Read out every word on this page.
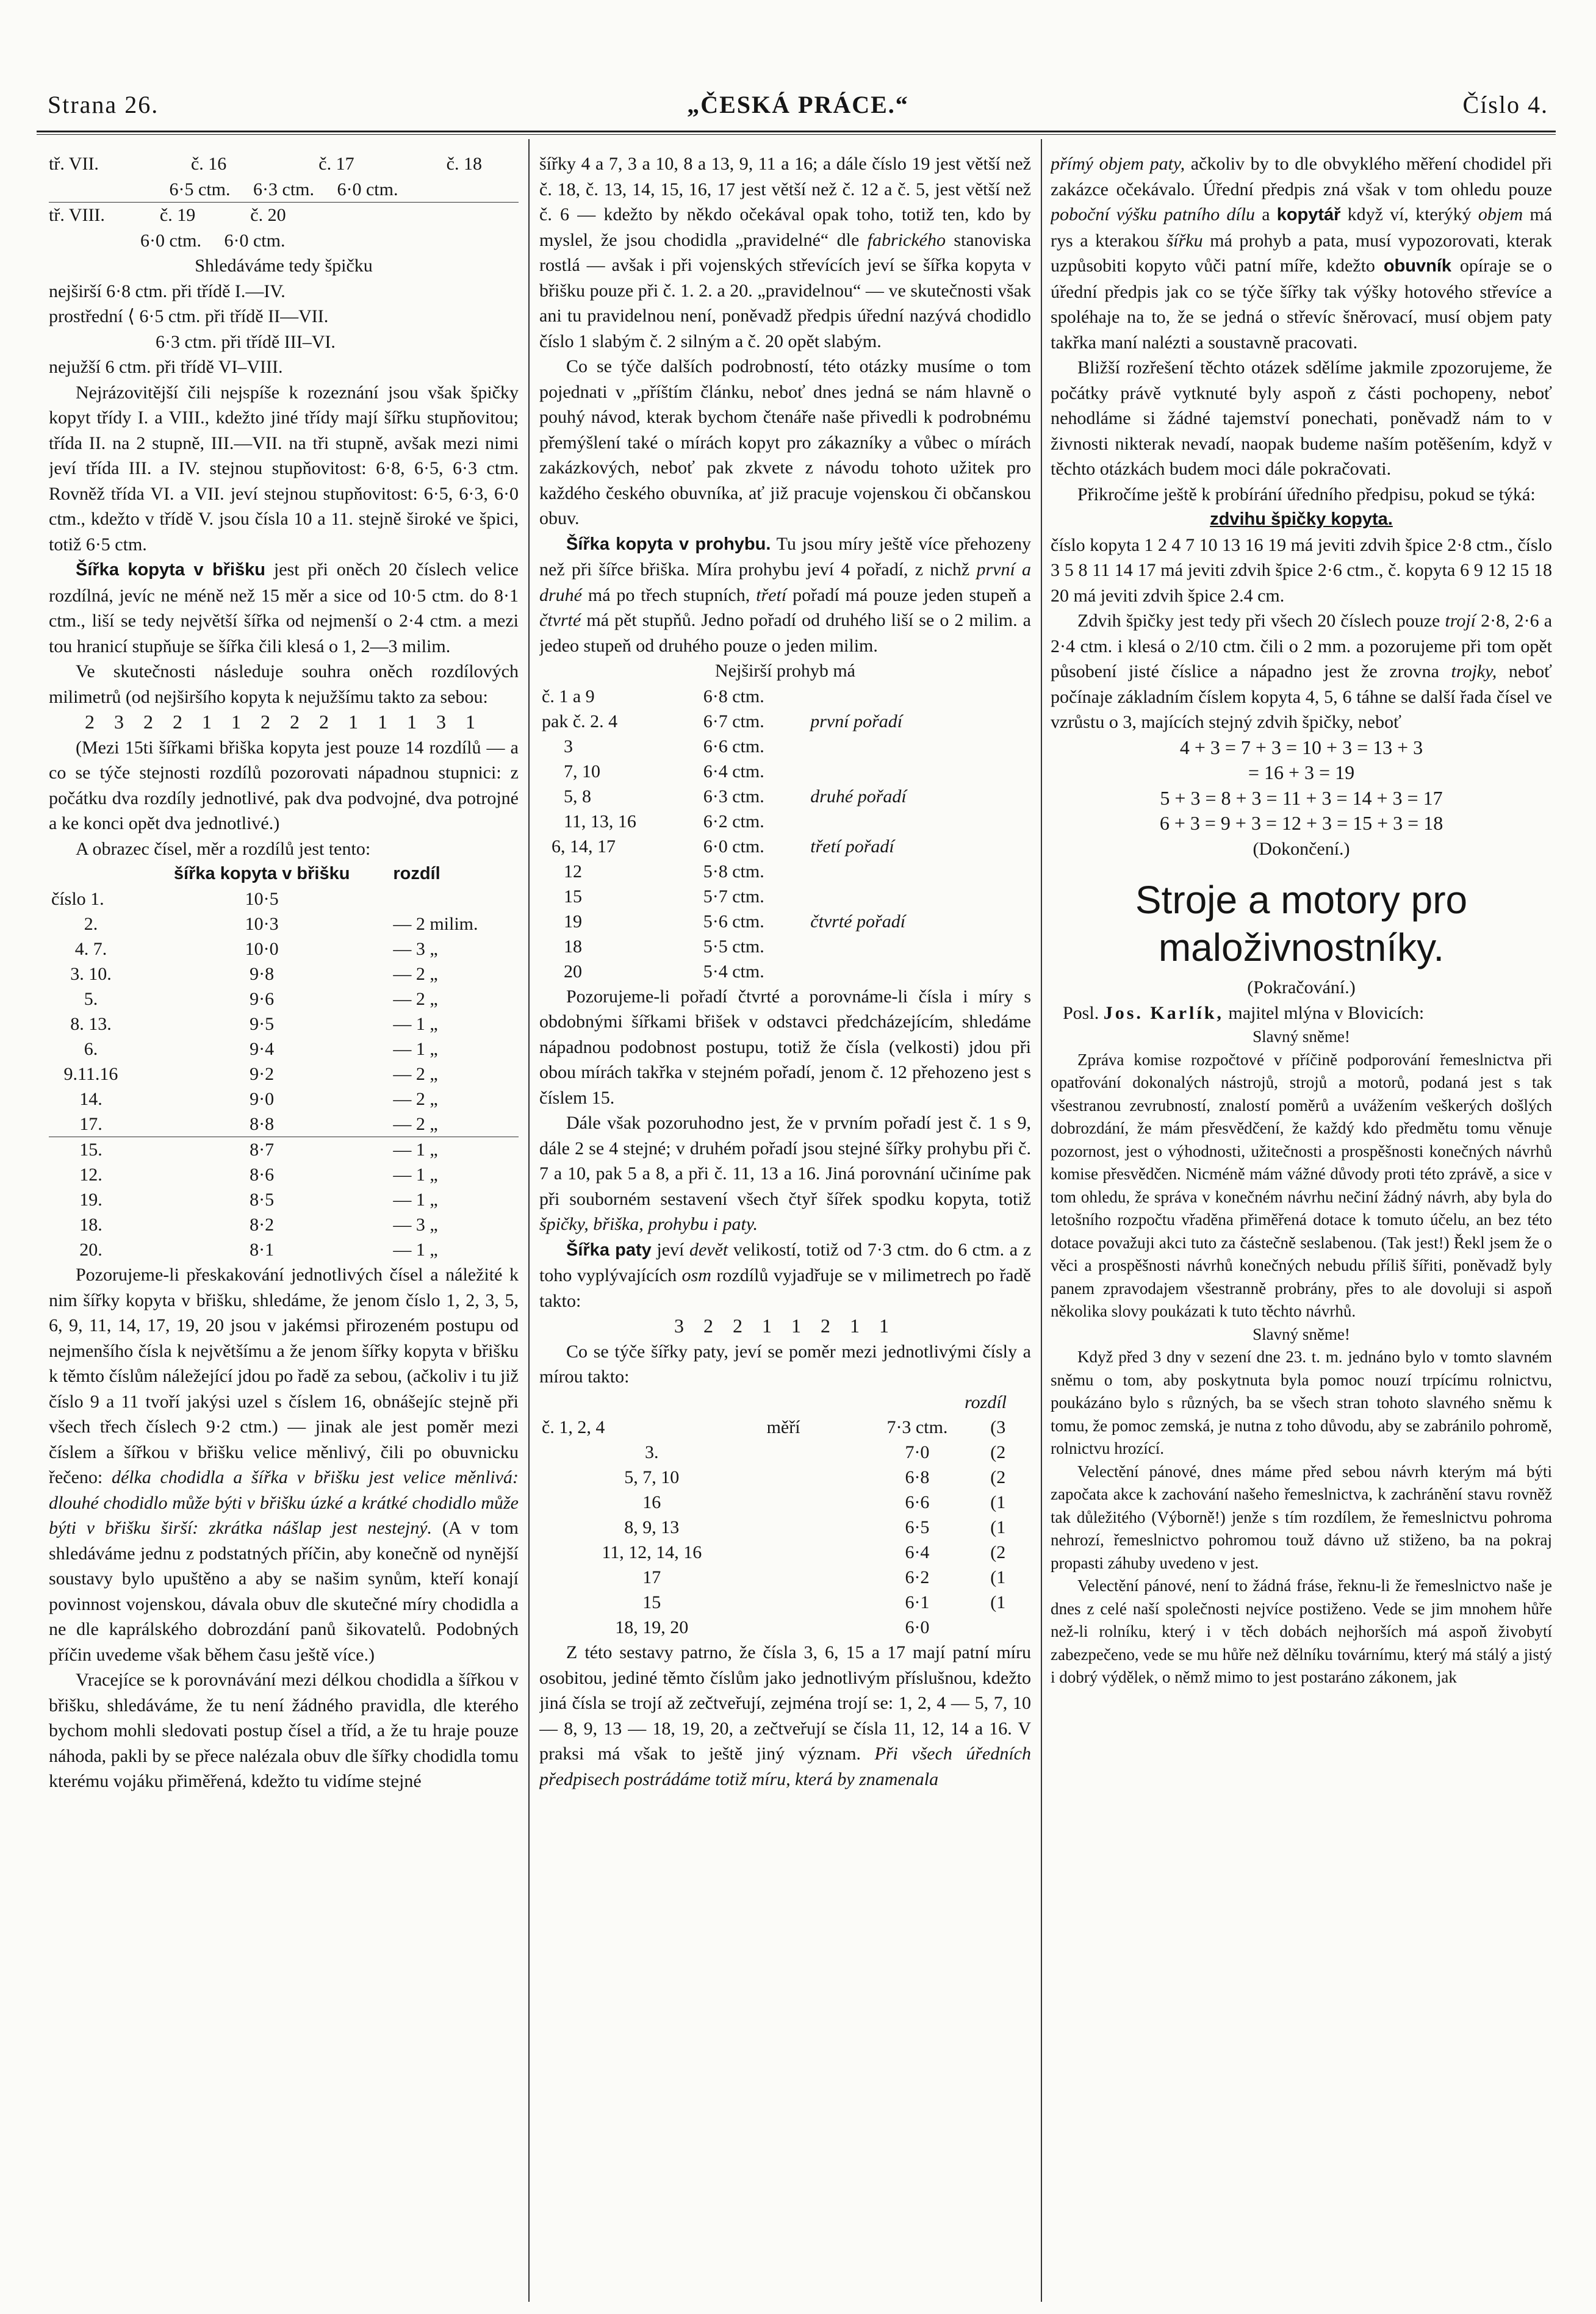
Strana 26.	„ČESKÁ PRÁCE.“	Číslo 4.
tř. VII.	č. 16	č. 17	č. 18
6·5 ctm.     6·3 ctm.     6·0 ctm.
tř. VIII.	č. 19	č. 20
6·0 ctm.     6·0 ctm.

Shledáváme tedy špičku

nejširší 6·8 ctm. při třídě I.—IV.

prostřední ⟨ 6·5 ctm. při třídě II—VII.

6·3 ctm. při třídě III–VI.

nejužší 6 ctm. při třídě VI–VIII.

Nejrázovitější čili nejspíše k rozeznání jsou však špičky kopyt třídy I. a VIII., kdežto jiné třídy mají šířku stupňovitou; třída II. na 2 stupně, III.—VII. na tři stupně, avšak mezi nimi jeví třída III. a IV. stejnou stupňovitost: 6·8, 6·5, 6·3 ctm. Rovněž třída VI. a VII. jeví stejnou stupňovitost: 6·5, 6·3, 6·0 ctm., kdežto v třídě V. jsou čísla 10 a 11. stejně široké ve špici, totiž 6·5 ctm.

Šířka kopyta v břišku jest při oněch 20 číslech velice rozdílná, jevíc ne méně než 15 měr a sice od 10·5 ctm. do 8·1 ctm., liší se tedy největší šířka od nejmenší o 2·4 ctm. a mezi tou hranicí stupňuje se šířka čili klesá o 1, 2—3 milim.

Ve skutečnosti následuje souhra oněch rozdílových milimetrů (od nejširšího kopyta k nejužšímu takto za sebou:

2 3 2 2 1 1 2 2 2 1 1 1 3 1

(Mezi 15ti šířkami břiška kopyta jest pouze 14 rozdílů — a co se týče stejnosti rozdílů pozorovati nápadnou stupnici: z počátku dva rozdíly jednotlivé, pak dva podvojné, dva potrojné a ke konci opět dva jednotlivé.)

A obrazec čísel, měr a rozdílů jest tento:

	šířka kopyta v břišku	rozdíl
číslo 1.	10·5	
2.	10·3	— 2 milim.
4. 7.	10·0	— 3 „
3. 10.	9·8	— 2 „
5.	9·6	— 2 „
8. 13.	9·5	— 1 „
6.	9·4	— 1 „
9.11.16	9·2	— 2 „
14.	9·0	— 2 „
17.	8·8	— 2 „
15.	8·7	— 1 „
12.	8·6	— 1 „
19.	8·5	— 1 „
18.	8·2	— 3 „
20.	8·1	— 1 „

Pozorujeme-li přeskakování jednotlivých čísel a náležité k nim šířky kopyta v břišku, shledáme, že jenom číslo 1, 2, 3, 5, 6, 9, 11, 14, 17, 19, 20 jsou v jakémsi přirozeném postupu od nejmenšího čísla k největšímu a že jenom šířky kopyta v břišku k těmto číslům náležející jdou po řadě za sebou, (ačkoliv i tu již číslo 9 a 11 tvoří jakýsi uzel s číslem 16, obnášejíc stejně při všech třech číslech 9·2 ctm.) — jinak ale jest poměr mezi číslem a šířkou v břišku velice měnlivý, čili po obuvnicku řečeno: délka chodidla a šířka v břišku jest velice měnlivá: dlouhé chodidlo může býti v břišku úzké a krátké chodidlo může býti v břišku širší: zkrátka nášlap jest nestejný. (A v tom shledáváme jednu z podstatných příčin, aby konečně od nynější soustavy bylo upuštěno a aby se našim synům, kteří konají povinnost vojenskou, dávala obuv dle skutečné míry chodidla a ne dle kaprálského dobrozdání panů šikovatelů. Podobných příčin uvedeme však během času ještě více.)

Vracejíce se k porovnávání mezi délkou chodidla a šířkou v břišku, shledáváme, že tu není žádného pravidla, dle kterého bychom mohli sledovati postup čísel a tříd, a že tu hraje pouze náhoda, pakli by se přece nalézala obuv dle šířky chodidla tomu kterému vojáku přiměřená, kdežto tu vidíme stejné

šířky 4 a 7, 3 a 10, 8 a 13, 9, 11 a 16; a dále číslo 19 jest větší než č. 18, č. 13, 14, 15, 16, 17 jest větší než č. 12 a č. 5, jest větší než č. 6 — kdežto by někdo očekával opak toho, totiž ten, kdo by myslel, že jsou chodidla „pravidelné“ dle fabrického stanoviska rostlá — avšak i při vojenských střevících jeví se šířka kopyta v břišku pouze při č. 1. 2. a 20. „pravidelnou“ — ve skutečnosti však ani tu pravidelnou není, poněvadž předpis úřední nazývá chodidlo číslo 1 slabým č. 2 silným a č. 20 opět slabým.

Co se týče dalších podrobností, této otázky musíme o tom pojednati v „příštím článku, neboť dnes jedná se nám hlavně o pouhý návod, kterak bychom čtenáře naše přivedli k podrobnému přemýšlení také o mírách kopyt pro zákazníky a vůbec o mírách zakázkových, neboť pak zkvete z návodu tohoto užitek pro každého českého obuvníka, ať již pracuje vojenskou či občanskou obuv.

Šířka kopyta v prohybu. Tu jsou míry ještě více přehozeny než při šířce břiška. Míra prohybu jeví 4 pořadí, z nichž první a druhé má po třech stupních, třetí pořadí má pouze jeden stupeň a čtvrté má pět stupňů. Jedno pořadí od druhého liší se o 2 milim. a jedeo stupeň od druhého pouze o jeden milim.

Nejširší prohyb má

č. 1 a 9	6·8 ctm.	
pak č. 2. 4	6·7 ctm.	první pořadí
3	6·6 ctm.	
7, 10	6·4 ctm.	
5, 8	6·3 ctm.	druhé pořadí
11, 13, 16	6·2 ctm.	
6, 14, 17	6·0 ctm.	třetí pořadí
12	5·8 ctm.	
15	5·7 ctm.	
19	5·6 ctm.	čtvrté pořadí
18	5·5 ctm.	
20	5·4 ctm.	

Pozorujeme-li pořadí čtvrté a porovnáme-li čísla i míry s obdobnými šířkami břišek v odstavci předcházejícím, shledáme nápadnou podobnost postupu, totiž že čísla (velkosti) jdou při obou mírách takřka v stejném pořadí, jenom č. 12 přehozeno jest s číslem 15.

Dále však pozoruhodno jest, že v prvním pořadí jest č. 1 s 9, dále 2 se 4 stejné; v druhém pořadí jsou stejné šířky prohybu při č. 7 a 10, pak 5 a 8, a při č. 11, 13 a 16. Jiná porovnání učiníme pak při souborném sestavení všech čtyř šířek spodku kopyta, totiž špičky, břiška, prohybu i paty.

Šířka paty jeví devět velikostí, totiž od 7·3 ctm. do 6 ctm. a z toho vyplývajících osm rozdílů vyjadřuje se v milimetrech po řadě takto:

3 2 2 1 1 2 1 1

Co se týče šířky paty, jeví se poměr mezi jednotlivými čísly a mírou takto:

rozdíl

č. 1, 2, 4	měří	7·3 ctm.	(3
3.		7·0	(2
5, 7, 10		6·8	(2
16		6·6	(1
8, 9, 13		6·5	(1
11, 12, 14, 16		6·4	(2
17		6·2	(1
15		6·1	(1
18, 19, 20		6·0	

Z této sestavy patrno, že čísla 3, 6, 15 a 17 mají patní míru osobitou, jediné těmto číslům jako jednotlivým příslušnou, kdežto jiná čísla se trojí až zečtveřují, zejména trojí se: 1, 2, 4 — 5, 7, 10 — 8, 9, 13 — 18, 19, 20, a zečtveřují se čísla 11, 12, 14 a 16. V praksi má však to ještě jiný význam. Při všech úředních předpisech postrádáme totiž míru, která by znamenala

přímý objem paty, ačkoliv by to dle obvyklého měření chodidel při zakázce očekávalo. Úřední předpis zná však v tom ohledu pouze poboční výšku patního dílu a kopytář když ví, kterýký objem má rys a kterakou šířku má prohyb a pata, musí vypozorovati, kterak uzpůsobiti kopyto vůči patní míře, kdežto obuvník opíraje se o úřední předpis jak co se týče šířky tak výšky hotového střevíce a spoléhaje na to, že se jedná o střevíc šněrovací, musí objem paty takřka maní nalézti a soustavně pracovati.

Bližší rozřešení těchto otázek sdělíme jakmile zpozorujeme, že počátky právě vytknuté byly aspoň z části pochopeny, neboť nehodláme si žádné tajemství ponechati, poněvadž nám to v živnosti nikterak nevadí, naopak budeme naším potěšením, když v těchto otázkách budem moci dále pokračovati.

Přikročíme ještě k probírání úředního předpisu, pokud se týká:

zdvihu špičky kopyta.

číslo kopyta 1 2 4 7 10 13 16 19 má jeviti zdvih špice 2·8 ctm., číslo 3 5 8 11 14 17 má jeviti zdvih špice 2·6 ctm., č. kopyta 6 9 12 15 18 20 má jeviti zdvih špice 2.4 cm.

Zdvih špičky jest tedy při všech 20 číslech pouze trojí 2·8, 2·6 a 2·4 ctm. i klesá o 2/10 ctm. čili o 2 mm. a pozorujeme při tom opět působení jisté číslice a nápadno jest že zrovna trojky, neboť počínaje základním číslem kopyta 4, 5, 6 táhne se další řada čísel ve vzrůstu o 3, majících stejný zdvih špičky, neboť

4 + 3 = 7 + 3 = 10 + 3 = 13 + 3

= 16 + 3 = 19

5 + 3 = 8 + 3 = 11 + 3 = 14 + 3 = 17

6 + 3 = 9 + 3 = 12 + 3 = 15 + 3 = 18

(Dokončení.)

Stroje a motory pro maloživnostníky.

(Pokračování.)

Posl. Jos. Karlík, majitel mlýna v Blovicích:

Slavný sněme!

Zpráva komise rozpočtové v příčině podporování řemeslnictva při opatřování dokonalých nástrojů, strojů a motorů, podaná jest s tak všestranou zevrubností, znalostí poměrů a uvážením veškerých došlých dobrozdání, že mám přesvědčení, že každý kdo předmětu tomu věnuje pozornost, jest o výhodnosti, užitečnosti a prospěšnosti konečných návrhů komise přesvědčen. Nicméně mám vážné důvody proti této zprávě, a sice v tom ohledu, že správa v konečném návrhu nečiní žádný návrh, aby byla do letošního rozpočtu vřaděna přiměřená dotace k tomuto účelu, an bez této dotace považuji akci tuto za částečně seslabenou. (Tak jest!) Řekl jsem že o věci a prospěšnosti návrhů konečných nebudu příliš šířiti, poněvadž byly panem zpravodajem všestranně probrány, přes to ale dovoluji si aspoň několika slovy poukázati k tuto těchto návrhů.

Slavný sněme!

Když před 3 dny v sezení dne 23. t. m. jednáno bylo v tomto slavném sněmu o tom, aby poskytnuta byla pomoc nouzí trpícímu rolnictvu, poukázáno bylo s různých, ba se všech stran tohoto slavného sněmu k tomu, že pomoc zemská, je nutna z toho důvodu, aby se zabránilo pohromě, rolnictvu hrozící.

Velectění pánové, dnes máme před sebou návrh kterým má býti započata akce k zachování našeho řemeslnictva, k zachránění stavu rovněž tak důležitého (Výborně!) jenže s tím rozdílem, že řemeslnictvu pohroma nehrozí, řemeslnictvo pohromou touž dávno už stiženo, ba na pokraj propasti záhuby uvedeno v jest.

Velectění pánové, není to žádná fráse, řeknu-li že řemeslnictvo naše je dnes z celé naší společnosti nejvíce postiženo. Vede se jim mnohem hůře než-li rolníku, který i v těch dobách nejhorších má aspoň živobytí zabezpečeno, vede se mu hůře než dělníku továrnímu, který má stálý a jistý i dobrý výdělek, o němž mimo to jest postaráno zákonem, jak
